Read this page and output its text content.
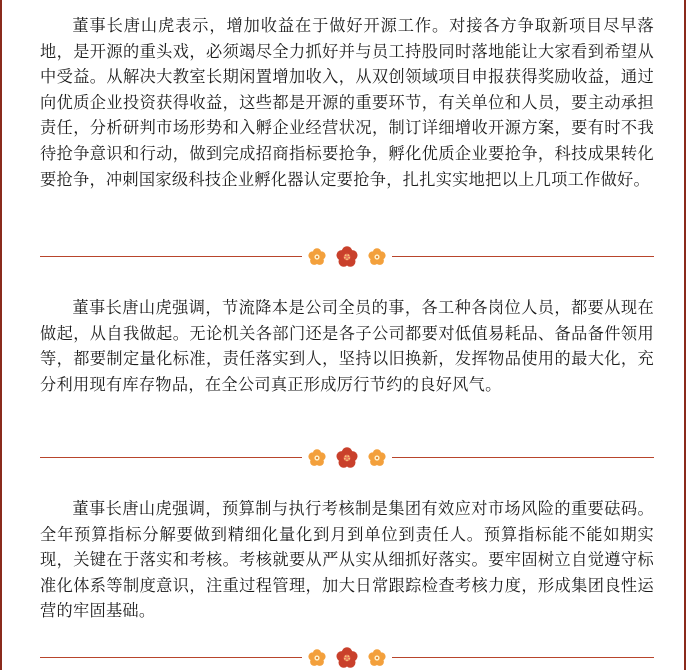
董事长唐山虎表示，增加收益在于做好开源工作。对接各方争取新项目尽早落地，是开源的重头戏，必须竭尽全力抓好并与员工持股同时落地能让大家看到希望从中受益。从解决大教室长期闲置增加收入，从双创领域项目申报获得奖励收益，通过向优质企业投资获得收益，这些都是开源的重要环节，有关单位和人员，要主动承担责任，分析研判市场形势和入孵企业经营状况，制订详细增收开源方案，要有时不我待抢争意识和行动，做到完成招商指标要抢争，孵化优质企业要抢争，科技成果转化要抢争，冲刺国家级科技企业孵化器认定要抢争，扎扎实实地把以上几项工作做好。

董事长唐山虎强调，节流降本是公司全员的事，各工种各岗位人员，都要从现在做起，从自我做起。无论机关各部门还是各子公司都要对低值易耗品、备品备件领用等，都要制定量化标准，责任落实到人，坚持以旧换新，发挥物品使用的最大化，充分利用现有库存物品，在全公司真正形成厉行节约的良好风气。

董事长唐山虎强调，预算制与执行考核制是集团有效应对市场风险的重要砝码。全年预算指标分解要做到精细化量化到月到单位到责任人。预算指标能不能如期实现，关键在于落实和考核。考核就要从严从实从细抓好落实。要牢固树立自觉遵守标准化体系等制度意识，注重过程管理，加大日常跟踪检查考核力度，形成集团良性运营的牢固基础。
